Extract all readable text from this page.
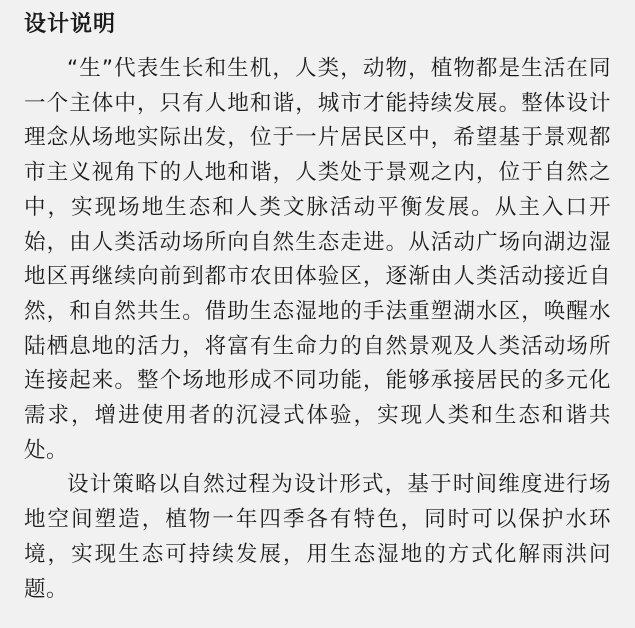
设计说明

“生”代表生长和生机，人类，动物，植物都是生活在同一个主体中，只有人地和谐，城市才能持续发展。整体设计理念从场地实际出发，位于一片居民区中，希望基于景观都市主义视角下的人地和谐，人类处于景观之内，位于自然之中，实现场地生态和人类文脉活动平衡发展。从主入口开始，由人类活动场所向自然生态走进。从活动广场向湖边湿地区再继续向前到都市农田体验区，逐渐由人类活动接近自然，和自然共生。借助生态湿地的手法重塑湖水区，唤醒水陆栖息地的活力，将富有生命力的自然景观及人类活动场所连接起来。整个场地形成不同功能，能够承接居民的多元化需求，增进使用者的沉浸式体验，实现人类和生态和谐共处。

设计策略以自然过程为设计形式，基于时间维度进行场地空间塑造，植物一年四季各有特色，同时可以保护水环境，实现生态可持续发展，用生态湿地的方式化解雨洪问题。
